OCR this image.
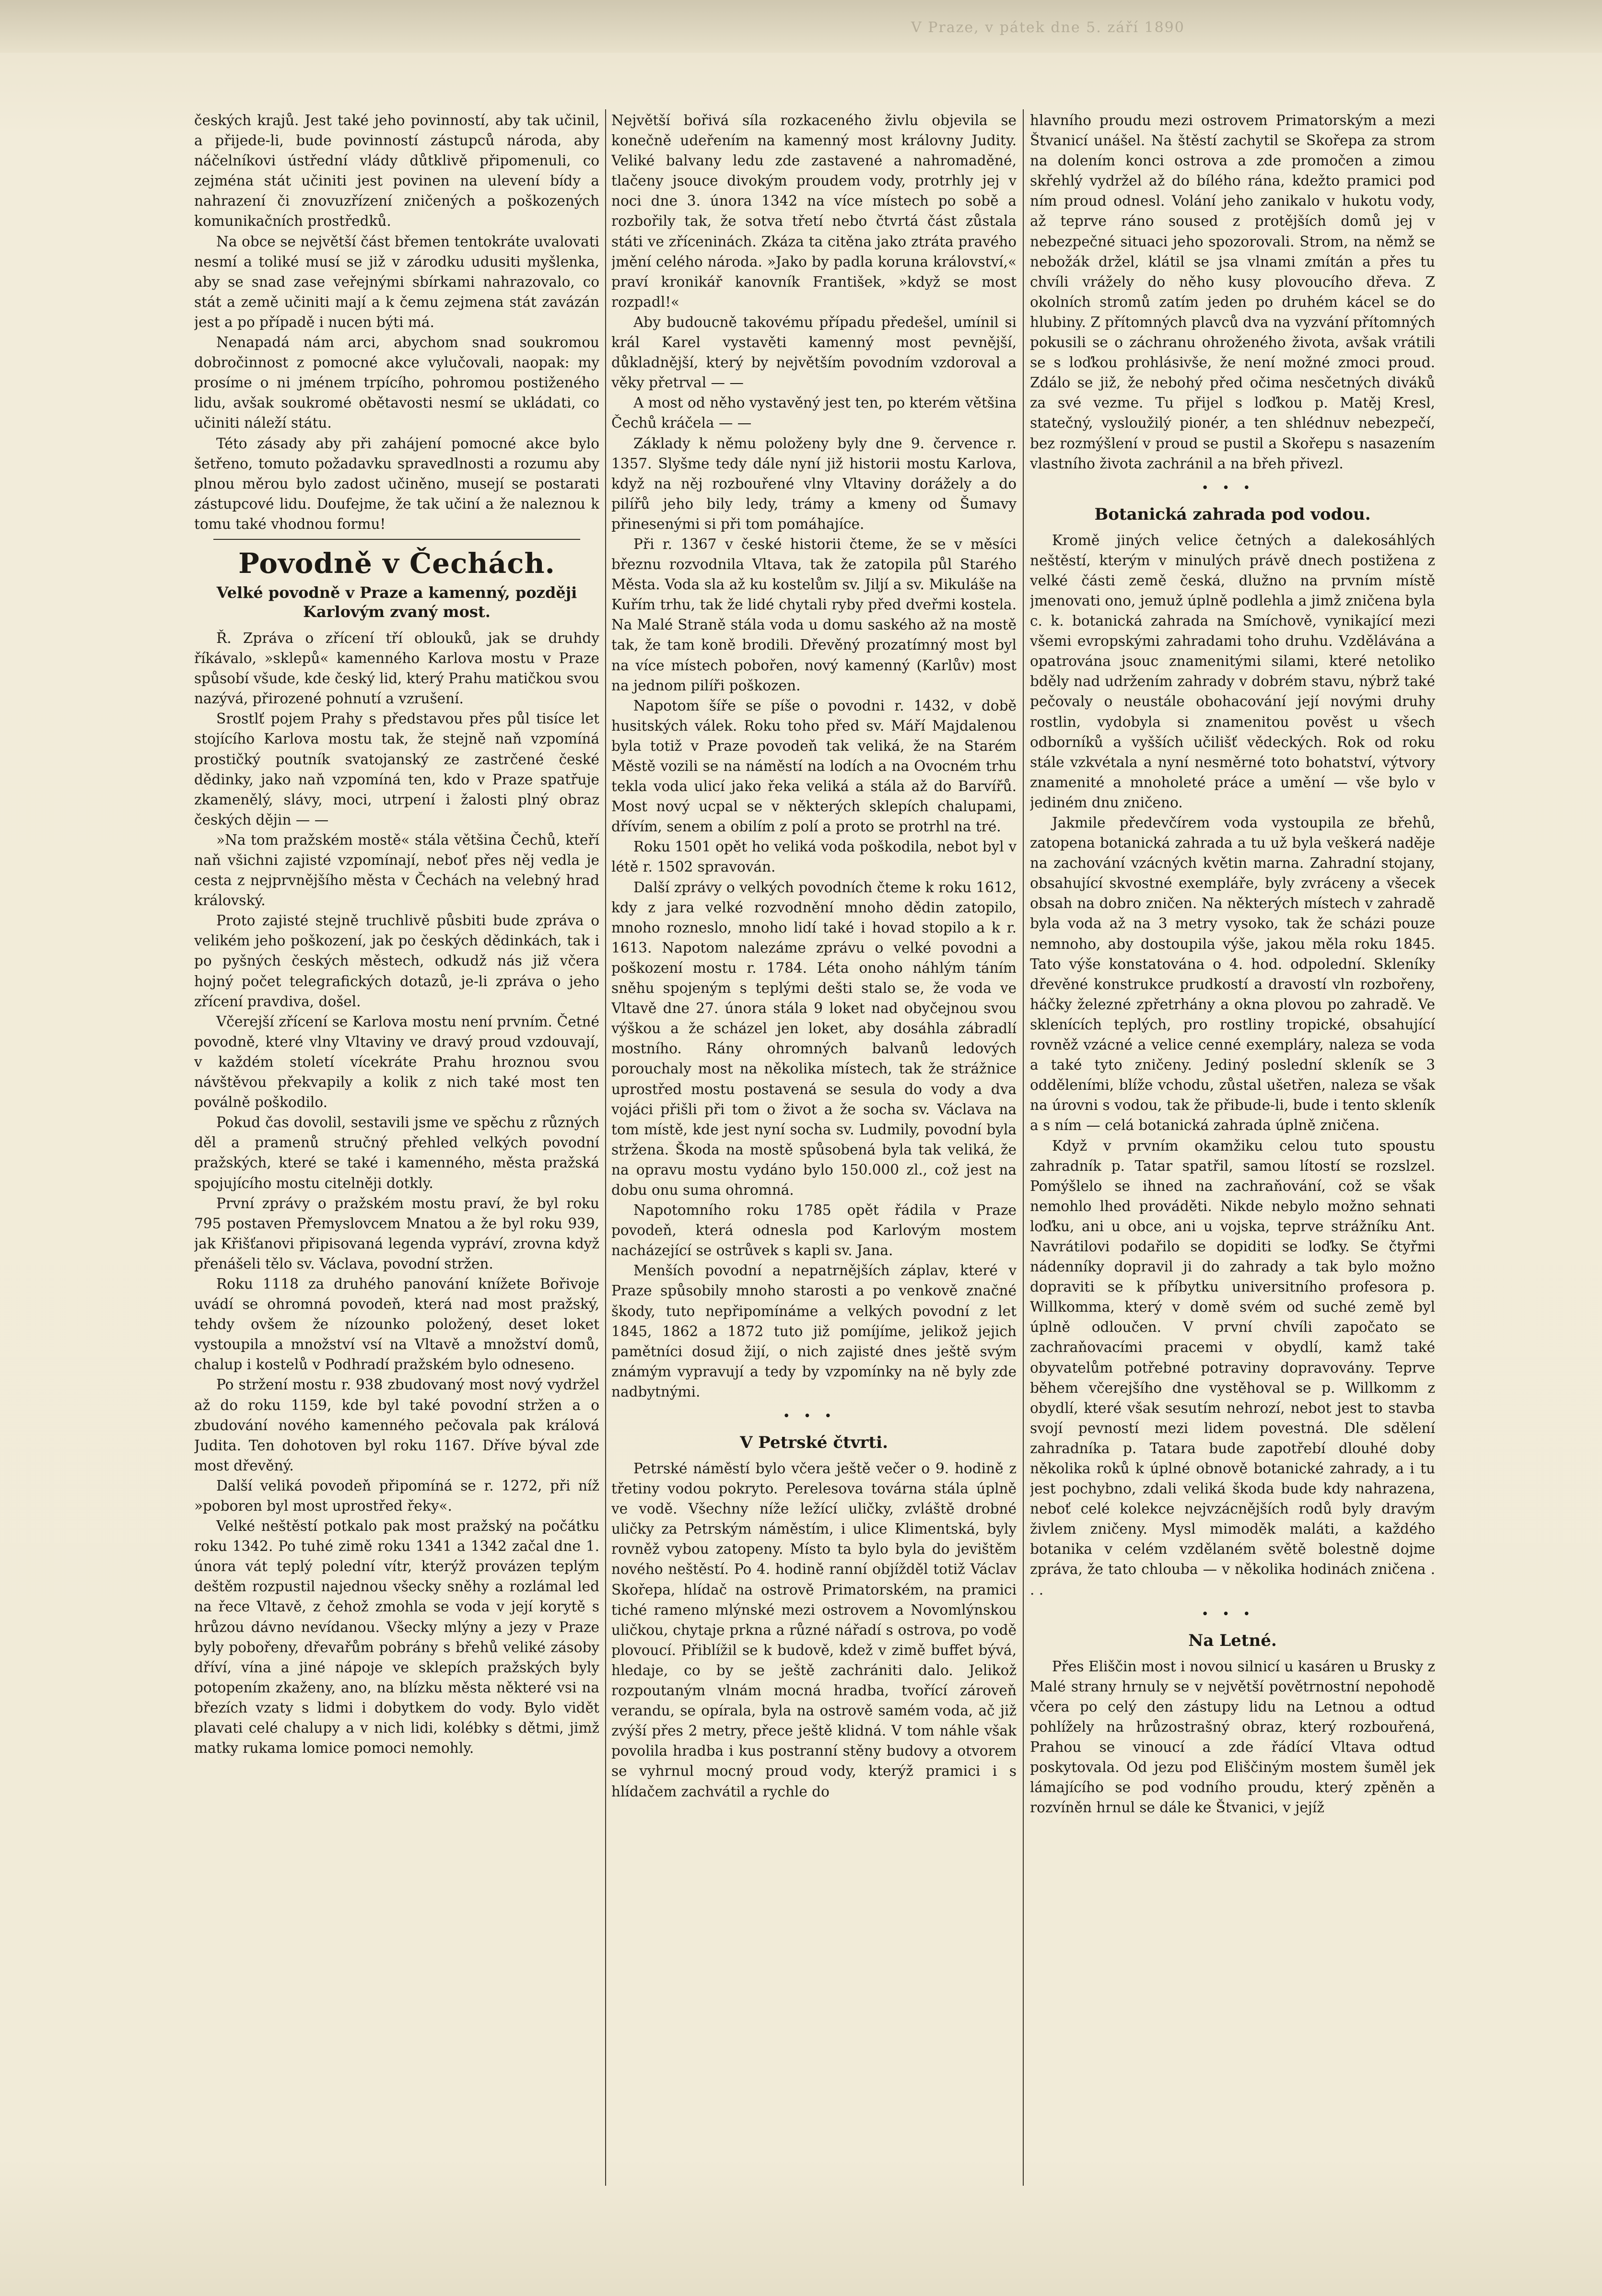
V Praze, v pátek dne 5. září 1890

českých krajů. Jest také jeho povinností, aby tak učinil, a přijede-li, bude povinností zástupců národa, aby náčelníkovi ústřední vlády důtklivě připomenuli, co zejména stát učiniti jest povinen na ulevení bídy a nahrazení či znovuzřízení zničených a poškozených komunikačních prostředků.

Na obce se největší část břemen tentokráte uvalovati nesmí a toliké musí se již v zárodku udusiti myšlenka, aby se snad zase veřejnými sbírkami nahrazovalo, co stát a země učiniti mají a k čemu zejmena stát zavázán jest a po případě i nucen býti má.

Nenapadá nám arci, abychom snad soukromou dobročinnost z pomocné akce vylučovali, naopak: my prosíme o ni jménem trpícího, pohromou postiženého lidu, avšak soukromé obětavosti nesmí se ukládati, co učiniti náleží státu.

Této zásady aby při zahájení pomocné akce bylo šetřeno, tomuto požadavku spravedlnosti a rozumu aby plnou měrou bylo zadost učiněno, musejí se postarati zástupcové lidu. Doufejme, že tak učiní a že naleznou k tomu také vhodnou formu!

Povodně v Čechách.
Velké povodně v Praze a kamenný, později Karlovým zvaný most.

Ř. Zpráva o zřícení tří oblouků, jak se druhdy říkávalo, »sklepů« kamenného Karlova mostu v Praze spůsobí všude, kde český lid, který Prahu matičkou svou nazývá, přirozené pohnutí a vzrušení.

Srostlť pojem Prahy s představou přes půl tisíce let stojícího Karlova mostu tak, že stejně naň vzpomíná prostičký poutník svatojanský ze zastrčené české dědinky, jako naň vzpomíná ten, kdo v Praze spatřuje zkamenělý, slávy, moci, utrpení i žalosti plný obraz českých dějin — —

»Na tom pražském mostě« stála většina Čechů, kteří naň všichni zajisté vzpomínají, neboť přes něj vedla je cesta z nejprvnějšího města v Čechách na velebný hrad královský.

Proto zajisté stejně truchlivě půsbiti bude zpráva o velikém jeho poškození, jak po českých dědinkách, tak i po pyšných českých městech, odkudž nás již včera hojný počet telegrafických dotazů, je-li zpráva o jeho zřícení pravdiva, došel.

Včerejší zřícení se Karlova mostu není prvním. Četné povodně, které vlny Vltaviny ve dravý proud vzdouvají, v každém století vícekráte Prahu hroznou svou návštěvou překvapily a kolik z nich také most ten poválně poškodilo.

Pokud čas dovolil, sestavili jsme ve spěchu z různých děl a pramenů stručný přehled velkých povodní pražských, které se také i kamenného, města pražská spojujícího mostu citelněji dotkly.

První zprávy o pražském mostu praví, že byl roku 795 postaven Přemyslovcem Mnatou a že byl roku 939, jak Křišťanovi připisovaná legenda vypráví, zrovna když přenášeli tělo sv. Václava, povodní stržen.

Roku 1118 za druhého panování knížete Bořivoje uvádí se ohromná povodeň, která nad most pražský, tehdy ovšem že nízounko položený, deset loket vystoupila a množství vsí na Vltavě a množství domů, chalup i kostelů v Podhradí pražském bylo odneseno.

Po stržení mostu r. 938 zbudovaný most nový vydržel až do roku 1159, kde byl také povodní stržen a o zbudování nového kamenného pečovala pak králová Judita. Ten dohotoven byl roku 1167. Dříve býval zde most dřevěný.

Další veliká povodeň připomíná se r. 1272, při níž »poboren byl most uprostřed řeky«.

Velké neštěstí potkalo pak most pražský na počátku roku 1342. Po tuhé zimě roku 1341 a 1342 začal dne 1. února vát teplý polední vítr, kterýž provázen teplým deštěm rozpustil najednou všecky sněhy a rozlámal led na řece Vltavě, z čehož zmohla se voda v její korytě s hrůzou dávno nevídanou. Všecky mlýny a jezy v Praze byly pobořeny, dřevařům pobrány s břehů veliké zásoby dříví, vína a jiné nápoje ve sklepích pražských byly potopením zkaženy, ano, na blízku města některé vsi na březích vzaty s lidmi i dobytkem do vody. Bylo vidět plavati celé chalupy a v nich lidi, kolébky s dětmi, jimž matky rukama lomice pomoci nemohly.

Největší bořivá síla rozkaceného živlu objevila se konečně udeřením na kamenný most královny Judity. Veliké balvany ledu zde zastavené a nahromaděné, tlačeny jsouce divokým proudem vody, protrhly jej v noci dne 3. února 1342 na více místech po sobě a rozbořily tak, že sotva třetí nebo čtvrtá část zůstala státi ve zříceninách. Zkáza ta citěna jako ztráta pravého jmění celého národa. »Jako by padla koruna království,« praví kronikář kanovník František, »když se most rozpadl!«

Aby budoucně takovému případu předešel, umínil si král Karel vystavěti kamenný most pevnější, důkladnější, který by největším povodním vzdoroval a věky přetrval — —

A most od něho vystavěný jest ten, po kterém většina Čechů kráčela — —

Základy k němu položeny byly dne 9. července r. 1357. Slyšme tedy dále nyní již historii mostu Karlova, když na něj rozbouřené vlny Vltaviny dorážely a do pilířů jeho bily ledy, trámy a kmeny od Šumavy přinesenými si při tom pomáhajíce.

Při r. 1367 v české historii čteme, že se v měsíci březnu rozvodnila Vltava, tak že zatopila půl Starého Města. Voda sla až ku kostelům sv. Jiljí a sv. Mikuláše na Kuřím trhu, tak že lidé chytali ryby před dveřmi kostela. Na Malé Straně stála voda u domu saského až na mostě tak, že tam koně brodili. Dřevěný prozatímný most byl na více místech pobořen, nový kamenný (Karlův) most na jednom pilíři poškozen.

Napotom šíře se píše o povodni r. 1432, v době husitských válek. Roku toho před sv. Máří Majdalenou byla totiž v Praze povodeň tak veliká, že na Starém Městě vozili se na náměstí na lodích a na Ovocném trhu tekla voda ulicí jako řeka veliká a stála až do Barvířů. Most nový ucpal se v některých sklepích chalupami, dřívím, senem a obilím z polí a proto se protrhl na tré.

Roku 1501 opět ho veliká voda poškodila, nebot byl v létě r. 1502 spravován.

Další zprávy o velkých povodních čteme k roku 1612, kdy z jara velké rozvodnění mnoho dědin zatopilo, mnoho rozneslo, mnoho lidí také i hovad stopilo a k r. 1613. Napotom nalezáme zprávu o velké povodni a poškození mostu r. 1784. Léta onoho náhlým táním sněhu spojeným s teplými dešti stalo se, že voda ve Vltavě dne 27. února stála 9 loket nad obyčejnou svou výškou a že scházel jen loket, aby dosáhla zábradlí mostního. Rány ohromných balvanů ledových porouchaly most na několika místech, tak že strážnice uprostřed mostu postavená se sesula do vody a dva vojáci přišli při tom o život a že socha sv. Václava na tom místě, kde jest nyní socha sv. Ludmily, povodní byla stržena. Škoda na mostě spůsobená byla tak veliká, že na opravu mostu vydáno bylo 150.000 zl., což jest na dobu onu suma ohromná.

Napotomního roku 1785 opět řádila v Praze povodeň, která odnesla pod Karlovým mostem nacházející se ostrůvek s kapli sv. Jana.

Menších povodní a nepatrnějších záplav, které v Praze spůsobily mnoho starosti a po venkově značné škody, tuto nepřipomínáme a velkých povodní z let 1845, 1862 a 1872 tuto již pomíjíme, jelikož jejich pamětníci dosud žijí, o nich zajisté dnes ještě svým známým vypravují a tedy by vzpomínky na ně byly zde nadbytnými.

•••
V Petrské čtvrti.

Petrské náměstí bylo včera ještě večer o 9. hodině z třetiny vodou pokryto. Perelesova továrna stála úplně ve vodě. Všechny níže ležící uličky, zvláště drobné uličky za Petrským náměstím, i ulice Klimentská, byly rovněž vybou zatopeny. Místo ta bylo byla do jevištěm nového neštěstí. Po 4. hodině ranní objížděl totiž Václav Skořepa, hlídač na ostrově Primatorském, na pramici tiché rameno mlýnské mezi ostrovem a Novomlýnskou uličkou, chytaje prkna a různé nářadí s ostrova, po vodě plovoucí. Přiblížil se k budově, kdež v zimě buffet bývá, hledaje, co by se ještě zachrániti dalo. Jelikož rozpoutaným vlnám mocná hradba, tvořící zároveň verandu, se opírala, byla na ostrově samém voda, ač již zvýší přes 2 metry, přece ještě klidná. V tom náhle však povolila hradba i kus postranní stěny budovy a otvorem se vyhrnul mocný proud vody, kterýž pramici i s hlídačem zachvátil a rychle do

hlavního proudu mezi ostrovem Primatorským a mezi Štvanicí unášel. Na štěstí zachytil se Skořepa za strom na dolením konci ostrova a zde promočen a zimou skřehlý vydržel až do bílého rána, kdežto pramici pod ním proud odnesl. Volání jeho zanikalo v hukotu vody, až teprve ráno soused z protějších domů jej v nebezpečné situaci jeho spozorovali. Strom, na němž se nebožák držel, klátil se jsa vlnami zmítán a přes tu chvíli vrážely do něho kusy plovoucího dřeva. Z okolních stromů zatím jeden po druhém kácel se do hlubiny. Z přítomných plavců dva na vyzvání přítomných pokusili se o záchranu ohroženého života, avšak vrátili se s loďkou prohlásivše, že není možné zmoci proud. Zdálo se již, že nebohý před očima nesčetných diváků za své vezme. Tu přijel s loďkou p. Matěj Kresl, statečný, vysloužilý pionér, a ten shlédnuv nebezpečí, bez rozmýšlení v proud se pustil a Skořepu s nasazením vlastního života zachránil a na břeh přivezl.

•••
Botanická zahrada pod vodou.

Kromě jiných velice četných a dalekosáhlých neštěstí, kterým v minulých právě dnech postižena z velké části země česká, dlužno na prvním místě jmenovati ono, jemuž úplně podlehla a jimž zničena byla c. k. botanická zahrada na Smíchově, vynikající mezi všemi evropskými zahradami toho druhu. Vzdělávána a opatrována jsouc znamenitými silami, které netoliko bděly nad udržením zahrady v dobrém stavu, nýbrž také pečovaly o neustále obohacování její novými druhy rostlin, vydobyla si znamenitou pověst u všech odborníků a vyšších učilišť vědeckých. Rok od roku stále vzkvétala a nyní nesměrné toto bohatství, výtvory znamenité a mnoholeté práce a umění — vše bylo v jediném dnu zničeno.

Jakmile předevčírem voda vystoupila ze břehů, zatopena botanická zahrada a tu už byla veškerá naděje na zachování vzácných květin marna. Zahradní stojany, obsahující skvostné exempláře, byly zvráceny a všecek obsah na dobro zničen. Na některých místech v zahradě byla voda až na 3 metry vysoko, tak že scházi pouze nemnoho, aby dostoupila výše, jakou měla roku 1845. Tato výše konstatována o 4. hod. odpolední. Skleníky dřevěné konstrukce prudkostí a dravostí vln rozbořeny, háčky železné zpřetrhány a okna plovou po zahradě. Ve sklenících teplých, pro rostliny tropické, obsahující rovněž vzácné a velice cenné exempláry, naleza se voda a také tyto zničeny. Jediný poslední skleník se 3 odděleními, blíže vchodu, zůstal ušetřen, naleza se však na úrovni s vodou, tak že přibude-li, bude i tento skleník a s ním — celá botanická zahrada úplně zničena.

Když v prvním okamžiku celou tuto spoustu zahradník p. Tatar spatřil, samou lítostí se rozslzel. Pomýšlelo se ihned na zachraňování, což se však nemohlo lhed prováděti. Nikde nebylo možno sehnati loďku, ani u obce, ani u vojska, teprve strážníku Ant. Navrátilovi podařilo se dopiditi se loďky. Se čtyřmi nádenníky dopravil ji do zahrady a tak bylo možno dopraviti se k příbytku universitního profesora p. Willkomma, který v domě svém od suché země byl úplně odloučen. V první chvíli započato se zachraňovacími pracemi v obydlí, kamž také obyvatelům potřebné potraviny dopravovány. Teprve během včerejšího dne vystěhoval se p. Willkomm z obydlí, které však sesutím nehrozí, nebot jest to stavba svojí pevností mezi lidem povestná. Dle sdělení zahradníka p. Tatara bude zapotřebí dlouhé doby několika roků k úplné obnově botanické zahrady, a i tu jest pochybno, zdali veliká škoda bude kdy nahrazena, neboť celé kolekce nejvzácnějších rodů byly dravým živlem zničeny. Mysl mimoděk maláti, a každého botanika v celém vzdělaném světě bolestně dojme zpráva, že tato chlouba — v několika hodinách zničena . . .

•••
Na Letné.

Přes Eliščin most i novou silnicí u kasáren u Brusky z Malé strany hrnuly se v největší povětrnostní nepohodě včera po celý den zástupy lidu na Letnou a odtud pohlížely na hrůzostrašný obraz, který rozbouřená, Prahou se vinoucí a zde řádící Vltava odtud poskytovala. Od jezu pod Eliščiným mostem šuměl jek lámajícího se pod vodního proudu, který zpěněn a rozvíněn hrnul se dále ke Štvanici, v jejíž
